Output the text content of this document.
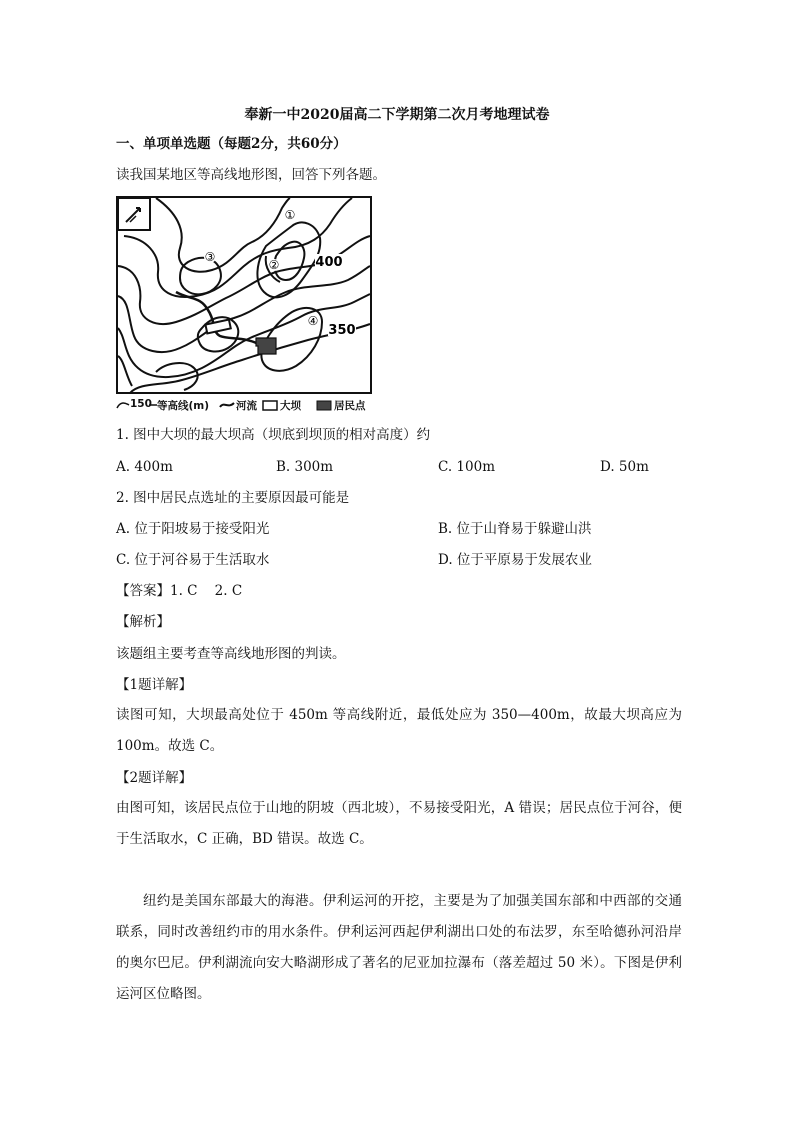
奉新一中2020届高二下学期第二次月考地理试卷
一、单项单选题（每题2分，共60分）
读我国某地区等高线地形图，回答下列各题。
①
②
③
④
400
350
150 等高线(m)	河流 大坝	居民点
1. 图中大坝的最大坝高（坝底到坝顶的相对高度）约
A. 400m	B. 300m	C. 100m	D. 50m
2. 图中居民点选址的主要原因最可能是
A. 位于阳坡易于接受阳光	B. 位于山脊易于躲避山洪
C. 位于河谷易于生活取水	D. 位于平原易于发展农业
【答案】1. C    2. C
【解析】
该题组主要考查等高线地形图的判读。
【1题详解】
读图可知，大坝最高处位于 450m 等高线附近，最低处应为 350—400m，故最大坝高应为100m。故选 C。
【2题详解】
由图可知，该居民点位于山地的阴坡（西北坡），不易接受阳光，A 错误；居民点位于河谷，便于生活取水，C 正确，BD 错误。故选 C。
纽约是美国东部最大的海港。伊利运河的开挖，主要是为了加强美国东部和中西部的交通联系，同时改善纽约市的用水条件。伊利运河西起伊利湖出口处的布法罗，东至哈德孙河沿岸的奥尔巴尼。伊利湖流向安大略湖形成了著名的尼亚加拉瀑布（落差超过 50 米）。下图是伊利运河区位略图。
